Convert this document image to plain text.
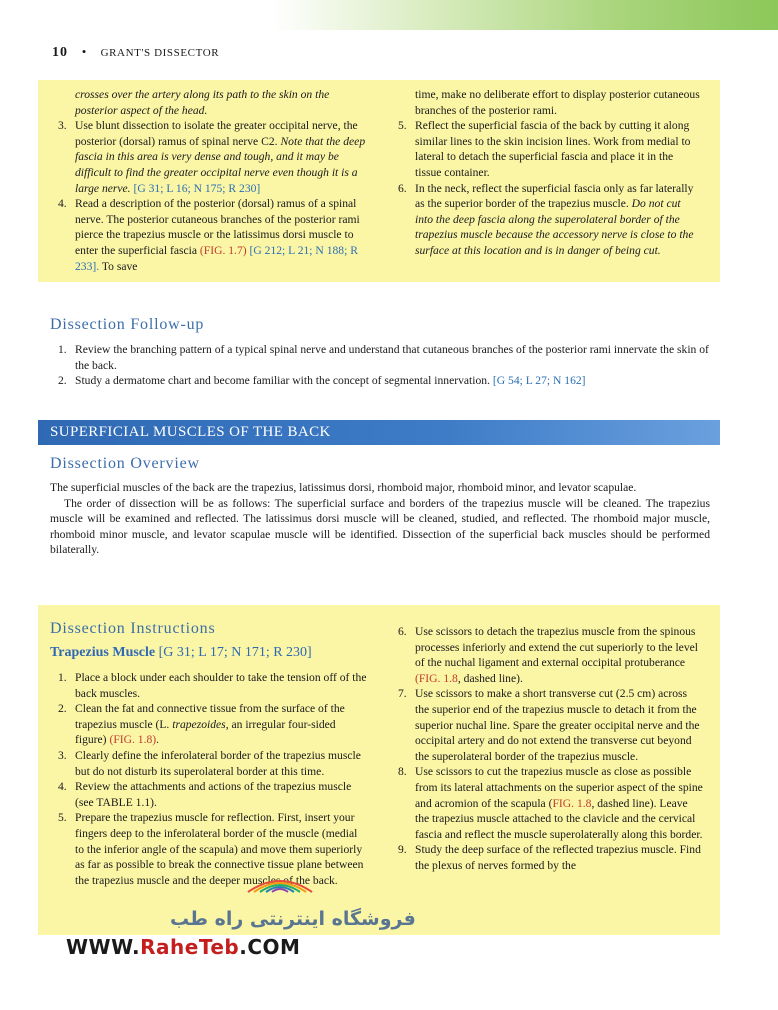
10 • GRANT'S DISSECTOR
crosses over the artery along its path to the skin on the posterior aspect of the head.
3. Use blunt dissection to isolate the greater occipital nerve, the posterior (dorsal) ramus of spinal nerve C2. Note that the deep fascia in this area is very dense and tough, and it may be difficult to find the greater occipital nerve even though it is a large nerve. [G 31; L 16; N 175; R 230]
4. Read a description of the posterior (dorsal) ramus of a spinal nerve. The posterior cutaneous branches of the posterior rami pierce the trapezius muscle or the latissimus dorsi muscle to enter the superficial fascia (FIG. 1.7) [G 212; L 21; N 188; R 233]. To save
time, make no deliberate effort to display posterior cutaneous branches of the posterior rami.
5. Reflect the superficial fascia of the back by cutting it along similar lines to the skin incision lines. Work from medial to lateral to detach the superficial fascia and place it in the tissue container.
6. In the neck, reflect the superficial fascia only as far laterally as the superior border of the trapezius muscle. Do not cut into the deep fascia along the superolateral border of the trapezius muscle because the accessory nerve is close to the surface at this location and is in danger of being cut.
Dissection Follow-up
1. Review the branching pattern of a typical spinal nerve and understand that cutaneous branches of the posterior rami innervate the skin of the back.
2. Study a dermatome chart and become familiar with the concept of segmental innervation. [G 54; L 27; N 162]
SUPERFICIAL MUSCLES OF THE BACK
Dissection Overview

The superficial muscles of the back are the trapezius, latissimus dorsi, rhomboid major, rhomboid minor, and levator scapulae.

The order of dissection will be as follows: The superficial surface and borders of the trapezius muscle will be cleaned. The trapezius muscle will be examined and reflected. The latissimus dorsi muscle will be cleaned, studied, and reflected. The rhomboid major muscle, rhomboid minor muscle, and levator scapulae muscle will be identified. Dissection of the superficial back muscles should be performed bilaterally.

Dissection Instructions
Trapezius Muscle [G 31; L 17; N 171; R 230]
1. Place a block under each shoulder to take the tension off of the back muscles.
2. Clean the fat and connective tissue from the surface of the trapezius muscle (L. trapezoides, an irregular four-sided figure) (FIG. 1.8).
3. Clearly define the inferolateral border of the trapezius muscle but do not disturb its superolateral border at this time.
4. Review the attachments and actions of the trapezius muscle (see TABLE 1.1).
5. Prepare the trapezius muscle for reflection. First, insert your fingers deep to the inferolateral border of the muscle (medial to the inferior angle of the scapula) and move them superiorly as far as possible to break the connective tissue plane between the trapezius muscle and the deeper muscles of the back.
6. Use scissors to detach the trapezius muscle from the spinous processes inferiorly and extend the cut superiorly to the level of the nuchal ligament and external occipital protuberance (FIG. 1.8, dashed line).
7. Use scissors to make a short transverse cut (2.5 cm) across the superior end of the trapezius muscle to detach it from the superior nuchal line. Spare the greater occipital nerve and the occipital artery and do not extend the transverse cut beyond the superolateral border of the trapezius muscle.
8. Use scissors to cut the trapezius muscle as close as possible from its lateral attachments on the superior aspect of the spine and acromion of the scapula (FIG. 1.8, dashed line). Leave the trapezius muscle attached to the clavicle and the cervical fascia and reflect the muscle superolaterally along this border.
9. Study the deep surface of the reflected trapezius muscle. Find the plexus of nerves formed by the
فروشگاه اینترنتی راه طب
WWW.RaheTeb.COM
